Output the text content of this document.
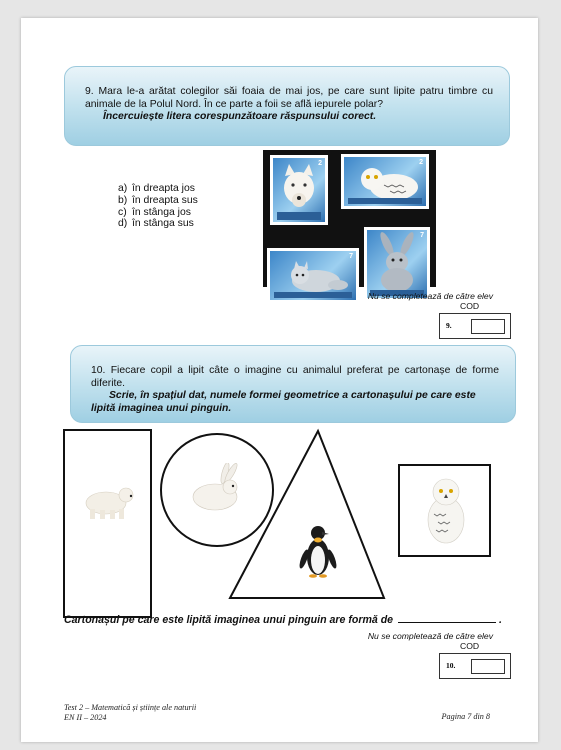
9. Mara le-a arătat colegilor săi foaia de mai jos, pe care sunt lipite patru timbre cu animale de la Polul Nord. În ce parte a foii se află iepurele polar?

Încercuiește litera corespunzătoare răspunsului corect.

a) în dreapta jos
b) în dreapta sus
c) în stânga jos
d) în stânga sus
2	2
7
7
Nu se completează de către elev
COD
9.

10. Fiecare copil a lipit câte o imagine cu animalul preferat pe cartonașe de forme diferite.

Scrie, în spațiul dat, numele formei geometrice a cartonașului pe care este

lipită imaginea unui pinguin.

Cartonașul pe care este lipită imaginea unui pinguin are formă de	.
Nu se completează de către elev
COD
10.
Test 2 – Matematică și științe ale naturii
EN II – 2024	Pagina 7 din 8
